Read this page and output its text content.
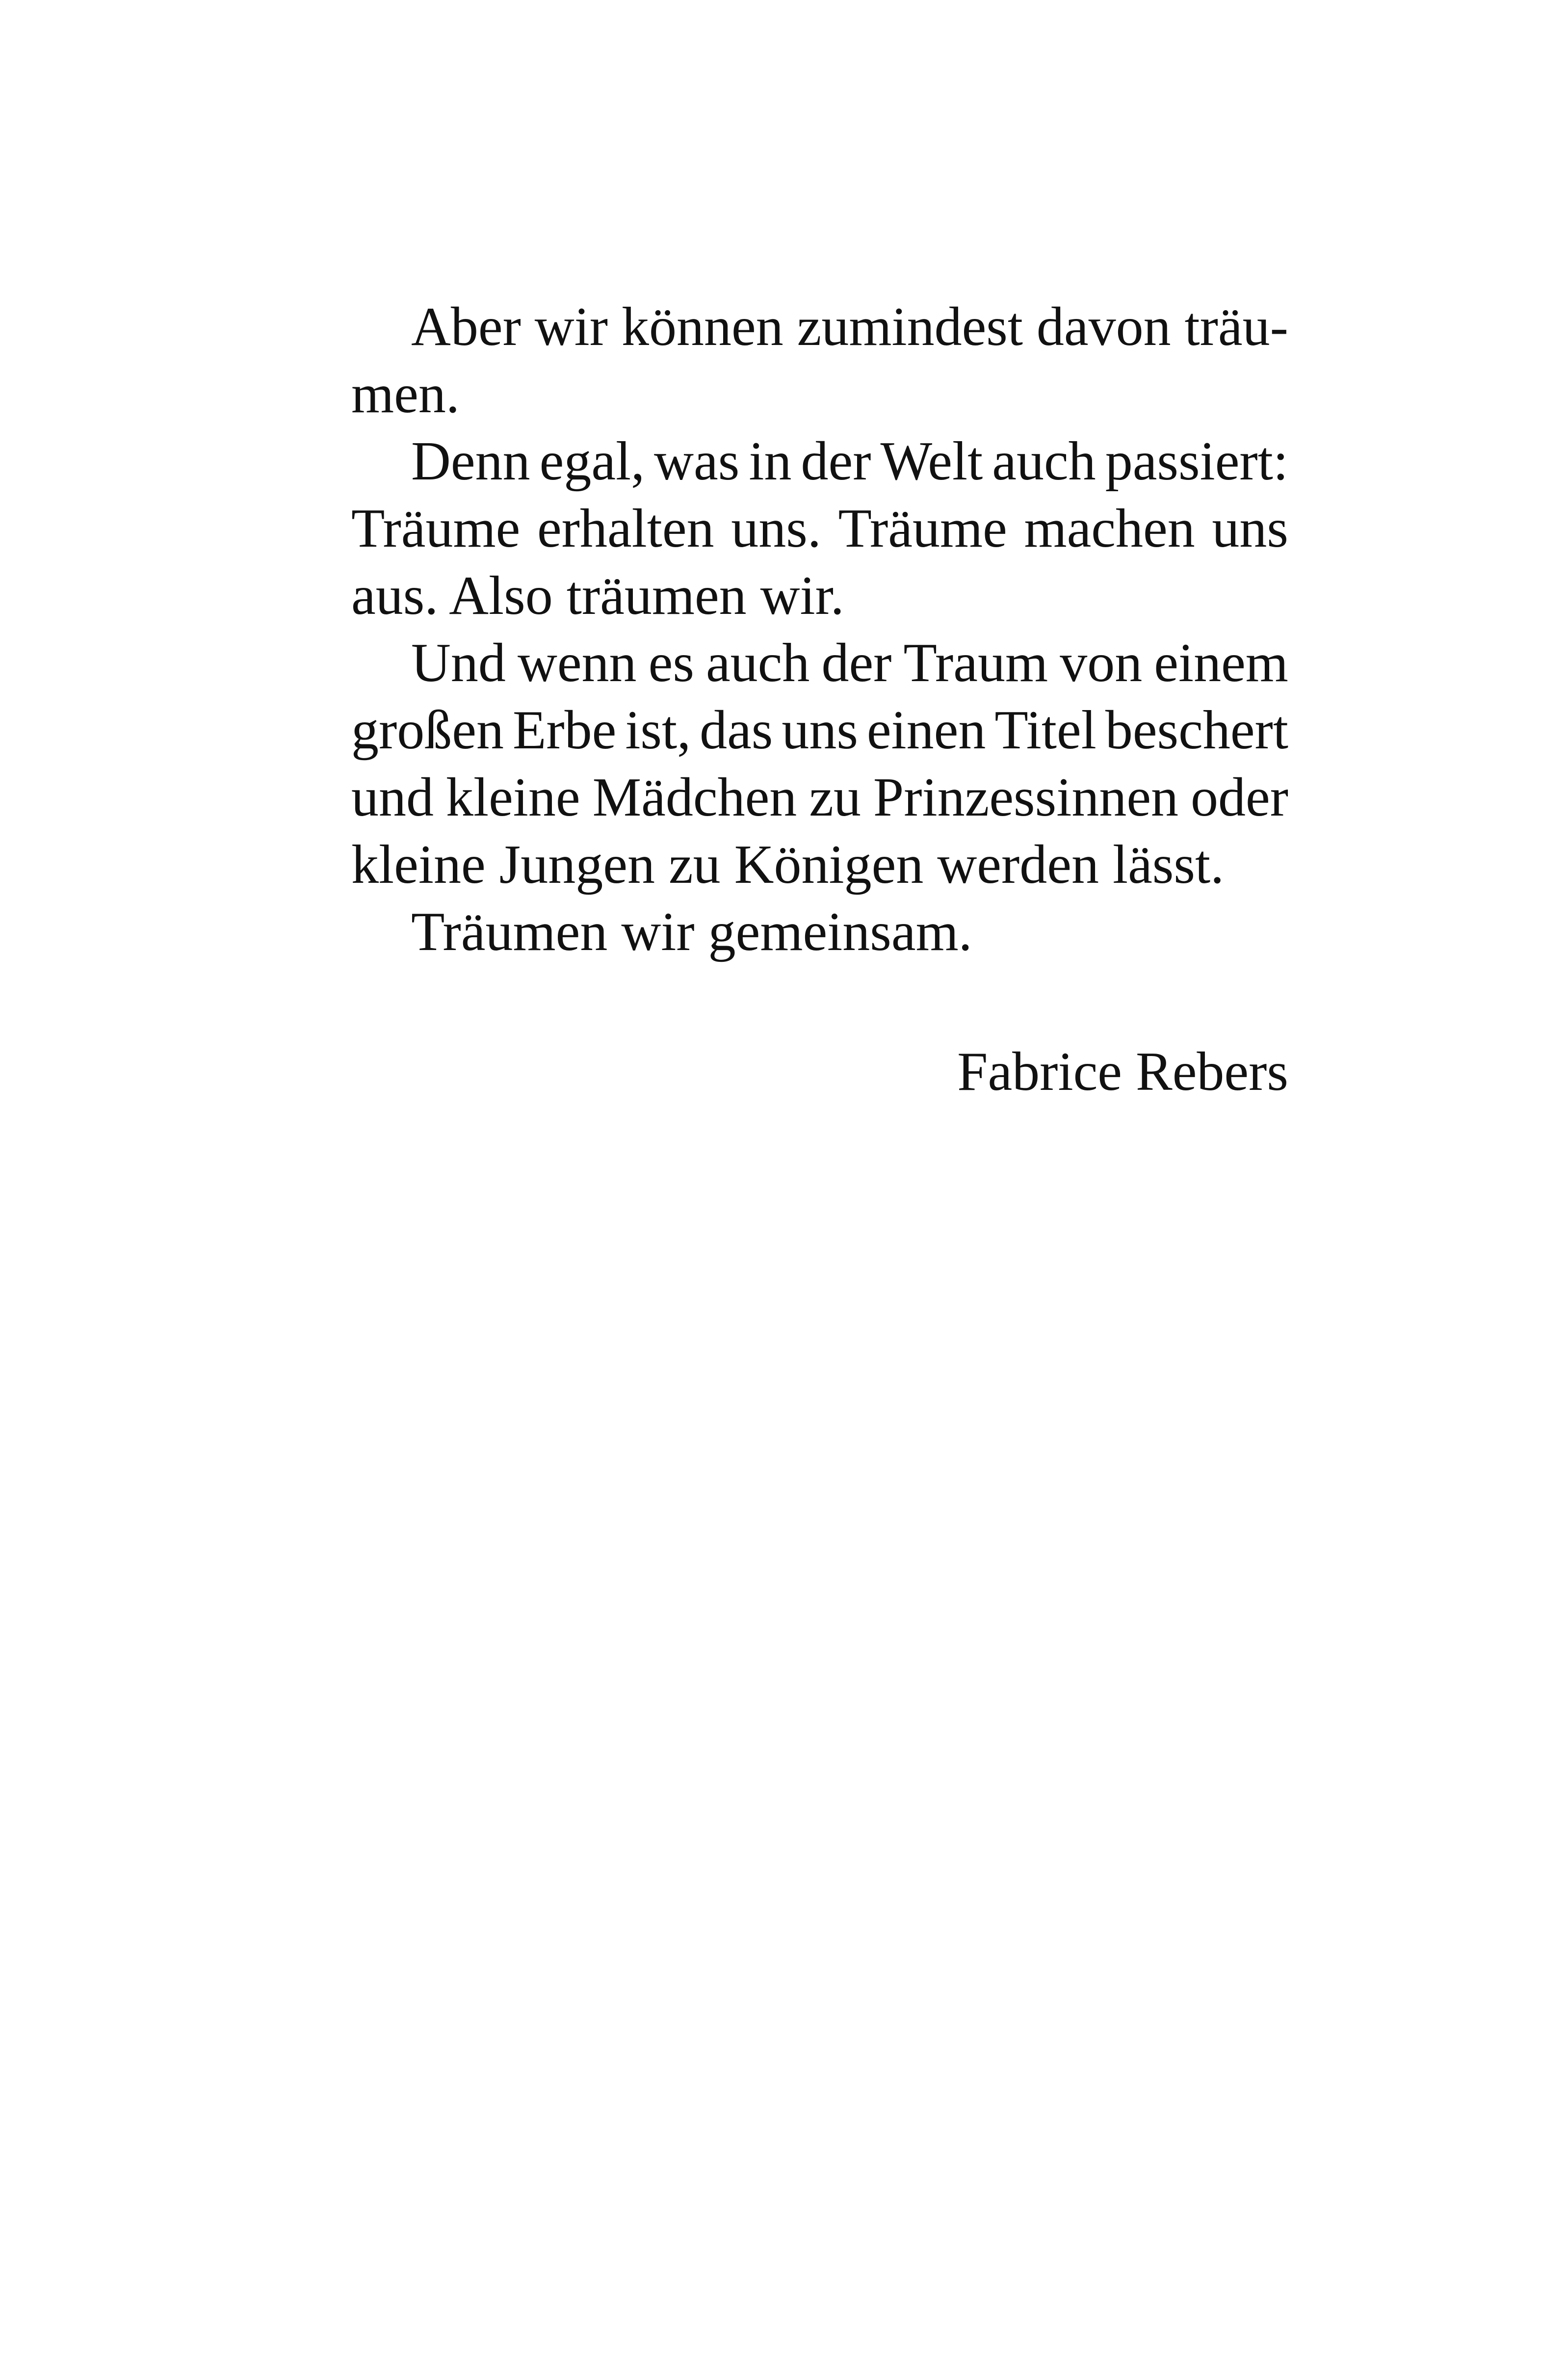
Aber wir können zumindest davon träu-
men.
Denn egal, was in der Welt auch passiert:
Träume erhalten uns. Träume machen uns
aus. Also träumen wir.
Und wenn es auch der Traum von einem
großen Erbe ist, das uns einen Titel beschert
und kleine Mädchen zu Prinzessinnen oder
kleine Jungen zu Königen werden lässt.
Träumen wir gemeinsam.
Fabrice Rebers
